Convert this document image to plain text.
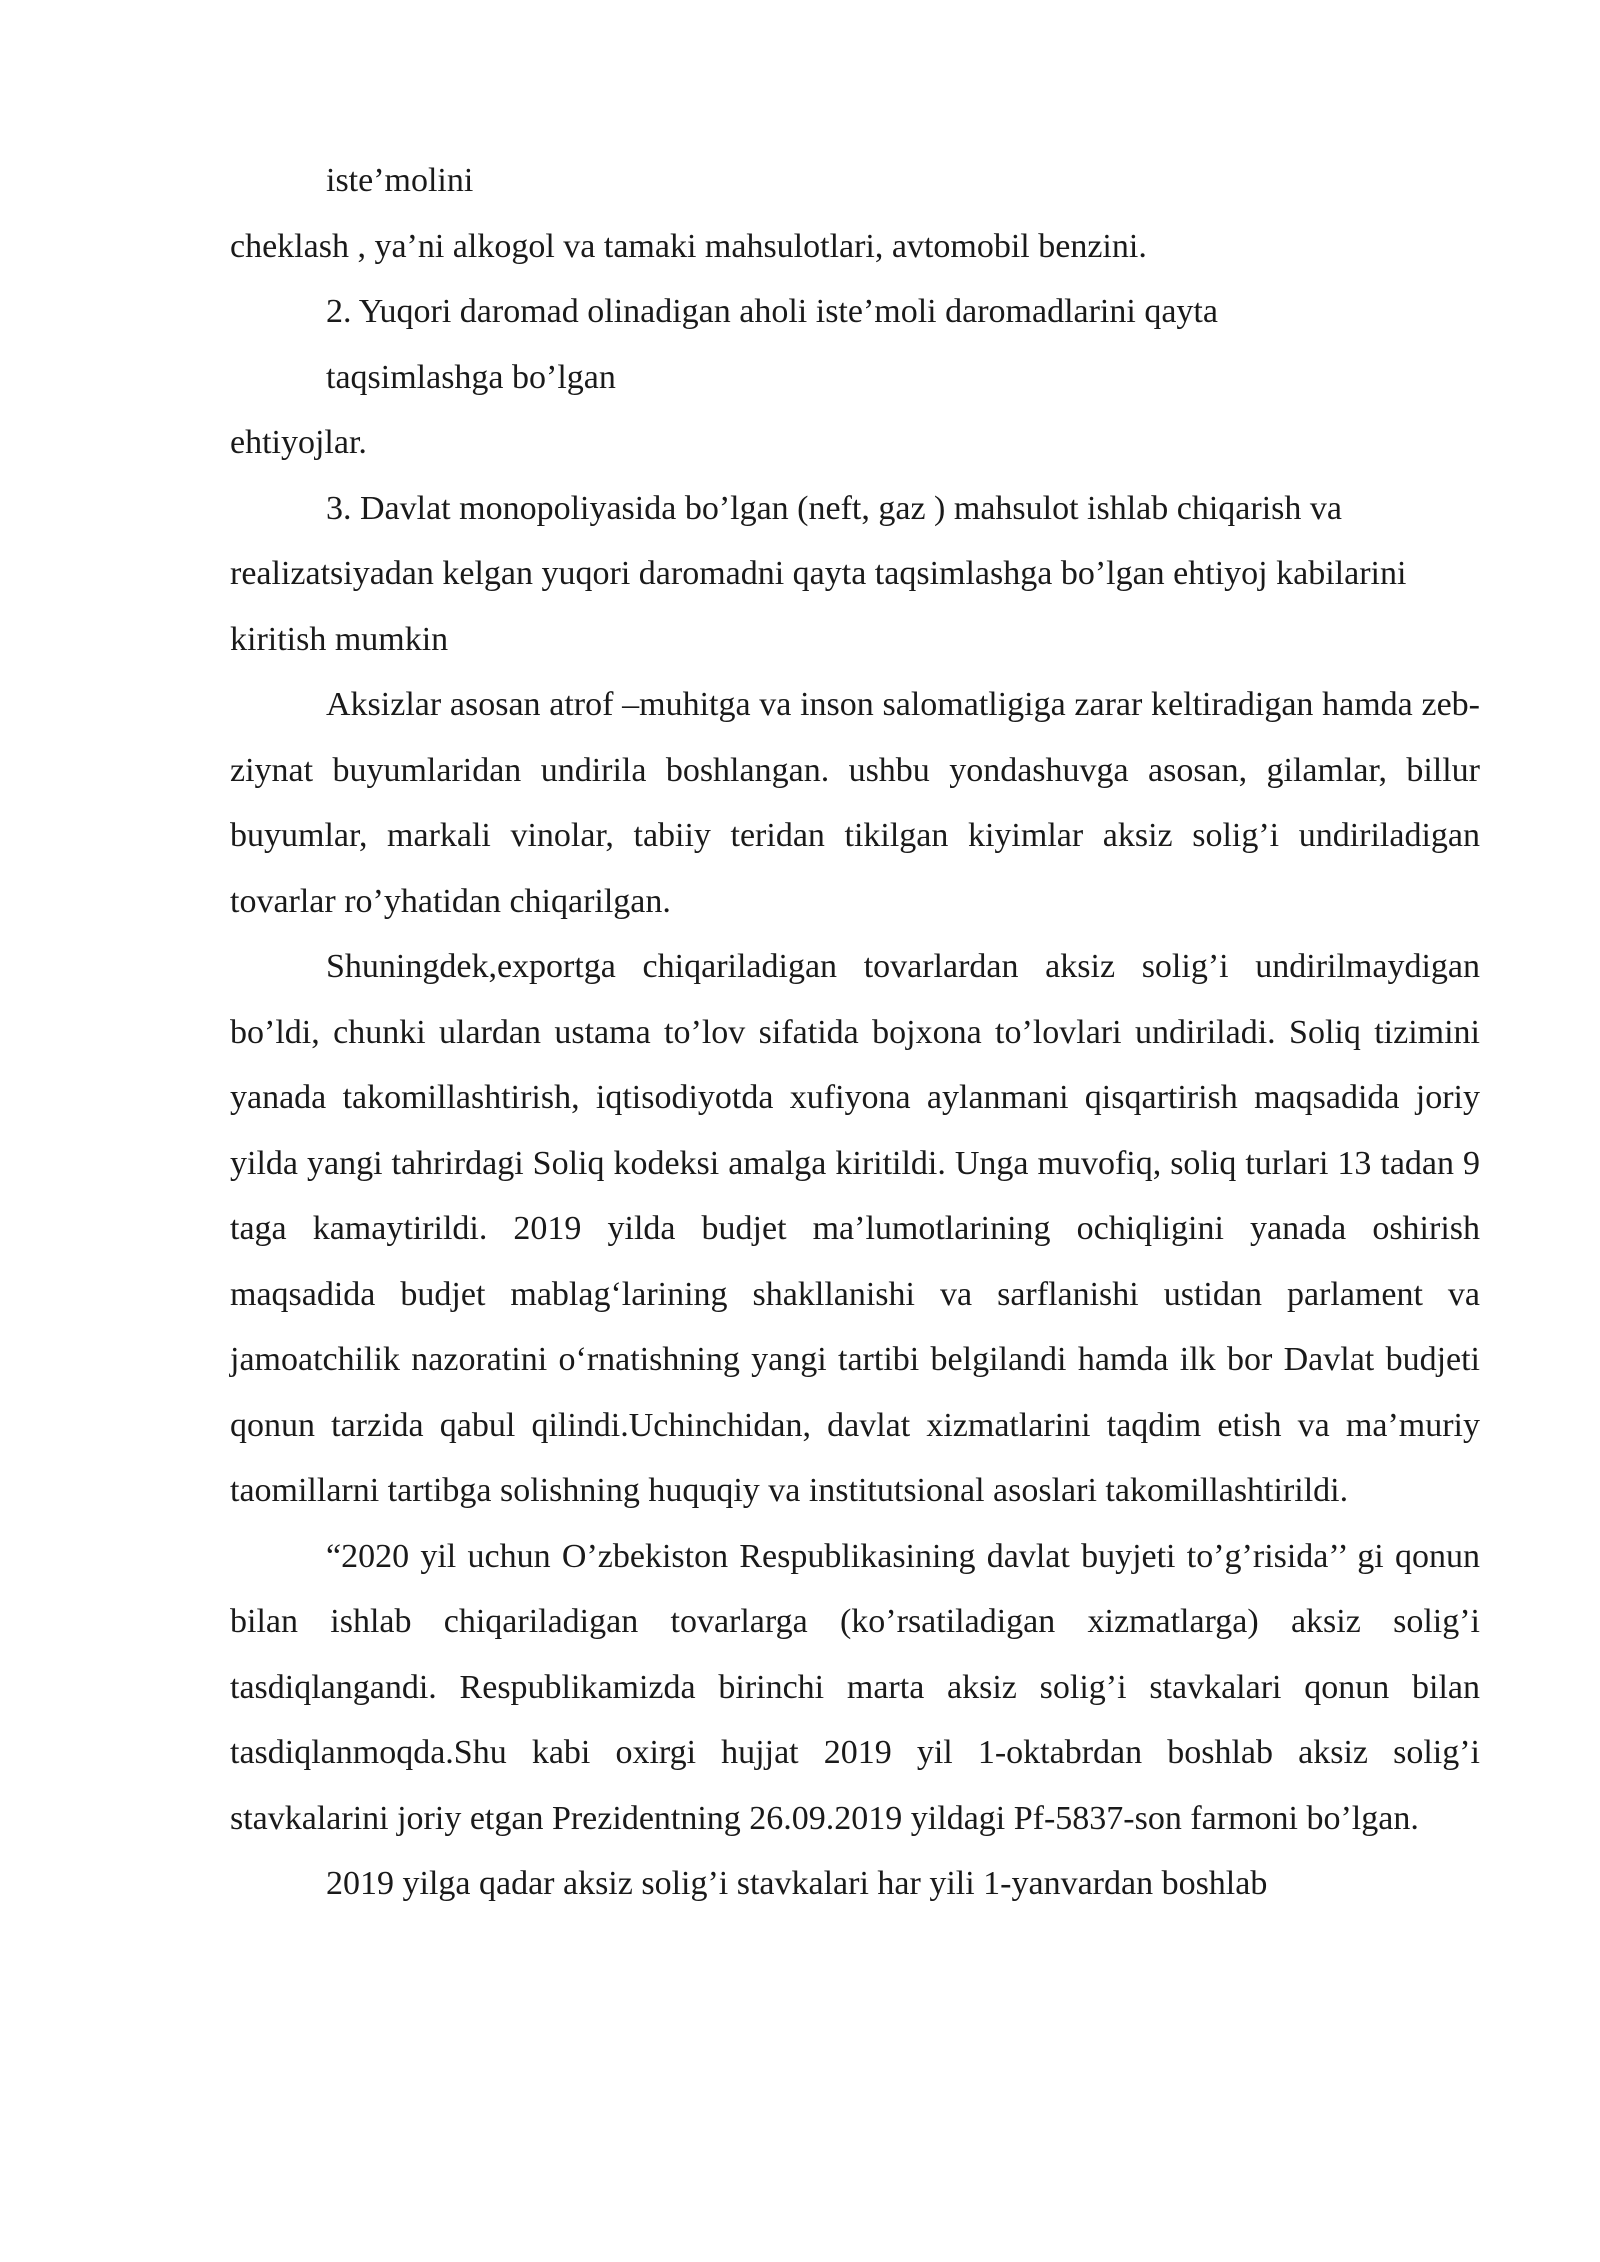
iste’molini
cheklash , ya’ni alkogol va tamaki mahsulotlari, avtomobil benzini.
2. Yuqori daromad olinadigan aholi iste’moli daromadlarini qayta
taqsimlashga bo’lgan
ehtiyojlar.

3. Davlat monopoliyasida bo’lgan (neft, gaz ) mahsulot ishlab chiqarish va realizatsiyadan kelgan yuqori daromadni qayta taqsimlashga bo’lgan ehtiyoj kabilarini kiritish mumkin

Aksizlar asosan atrof –muhitga va inson salomatligiga zarar keltiradigan hamda zeb-ziynat buyumlaridan undirila boshlangan. ushbu yondashuvga asosan, gilamlar, billur buyumlar, markali vinolar, tabiiy teridan tikilgan kiyimlar aksiz solig’i undiriladigan tovarlar ro’yhatidan chiqarilgan.

Shuningdek,exportga chiqariladigan tovarlardan aksiz solig’i undirilmaydigan bo’ldi, chunki ulardan ustama to’lov sifatida bojxona to’lovlari undiriladi. Soliq tizimini yanada takomillashtirish, iqtisodiyotda xufiyona aylanmani qisqartirish maqsadida joriy yilda yangi tahrirdagi Soliq kodeksi amalga kiritildi. Unga muvofiq, soliq turlari 13 tadan 9 taga kamaytirildi. 2019 yilda budjet ma’lumotlarining ochiqligini yanada oshirish maqsadida budjet mablag‘larining shakllanishi va sarflanishi ustidan parlament va jamoatchilik nazoratini o‘rnatishning yangi tartibi belgilandi hamda ilk bor Davlat budjeti qonun tarzida qabul qilindi.Uchinchidan, davlat xizmatlarini taqdim etish va ma’muriy taomillarni tartibga solishning huquqiy va institutsional asoslari takomillashtirildi.

“2020 yil uchun O’zbekiston Respublikasining davlat buyjeti to’g’risida’’ gi qonun bilan ishlab chiqariladigan tovarlarga (ko’rsatiladigan xizmatlarga) aksiz solig’i tasdiqlangandi. Respublikamizda birinchi marta aksiz solig’i stavkalari qonun bilan tasdiqlanmoqda.Shu kabi oxirgi hujjat 2019 yil 1-oktabrdan boshlab aksiz solig’i stavkalarini joriy etgan Prezidentning 26.09.2019 yildagi Pf-5837-son farmoni bo’lgan.

2019 yilga qadar aksiz solig’i stavkalari har yili 1-yanvardan boshlab
